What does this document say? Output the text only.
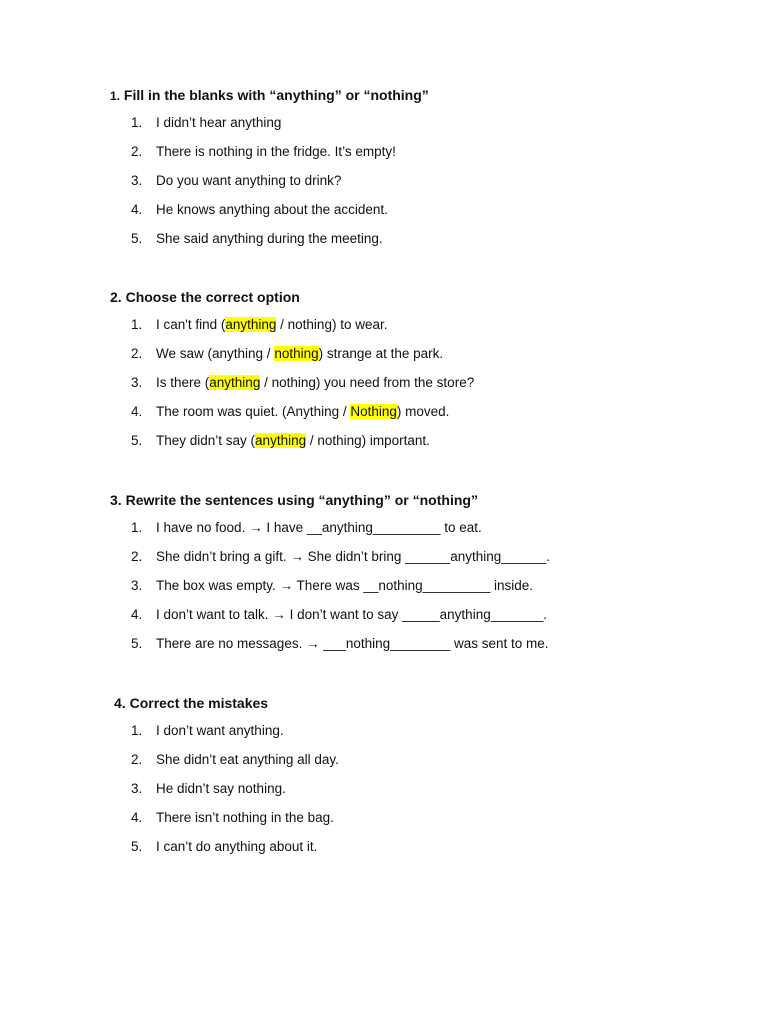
1. Fill in the blanks with “anything” or “nothing”
1.	I didn’t hear anything
2.	There is nothing in the fridge. It’s empty!
3.	Do you want anything to drink?
4.	He knows anything about the accident.
5.	She said anything during the meeting.
2. Choose the correct option
1.	I can't find (anything / nothing) to wear.
2.	We saw (anything / nothing) strange at the park.
3.	Is there (anything / nothing) you need from the store?
4.	The room was quiet. (Anything / Nothing) moved.
5.	They didn’t say (anything / nothing) important.
3. Rewrite the sentences using “anything” or “nothing”
1.	I have no food. → I have __anything_________ to eat.
2.	She didn’t bring a gift. → She didn’t bring ______anything______.
3.	The box was empty. → There was __nothing_________ inside.
4.	I don’t want to talk. → I don’t want to say _____anything_______.
5.	There are no messages. → ___nothing________ was sent to me.
4. Correct the mistakes
1.	I don’t want anything.
2.	She didn’t eat anything all day.
3.	He didn’t say nothing.
4.	There isn’t nothing in the bag.
5.	I can’t do anything about it.
